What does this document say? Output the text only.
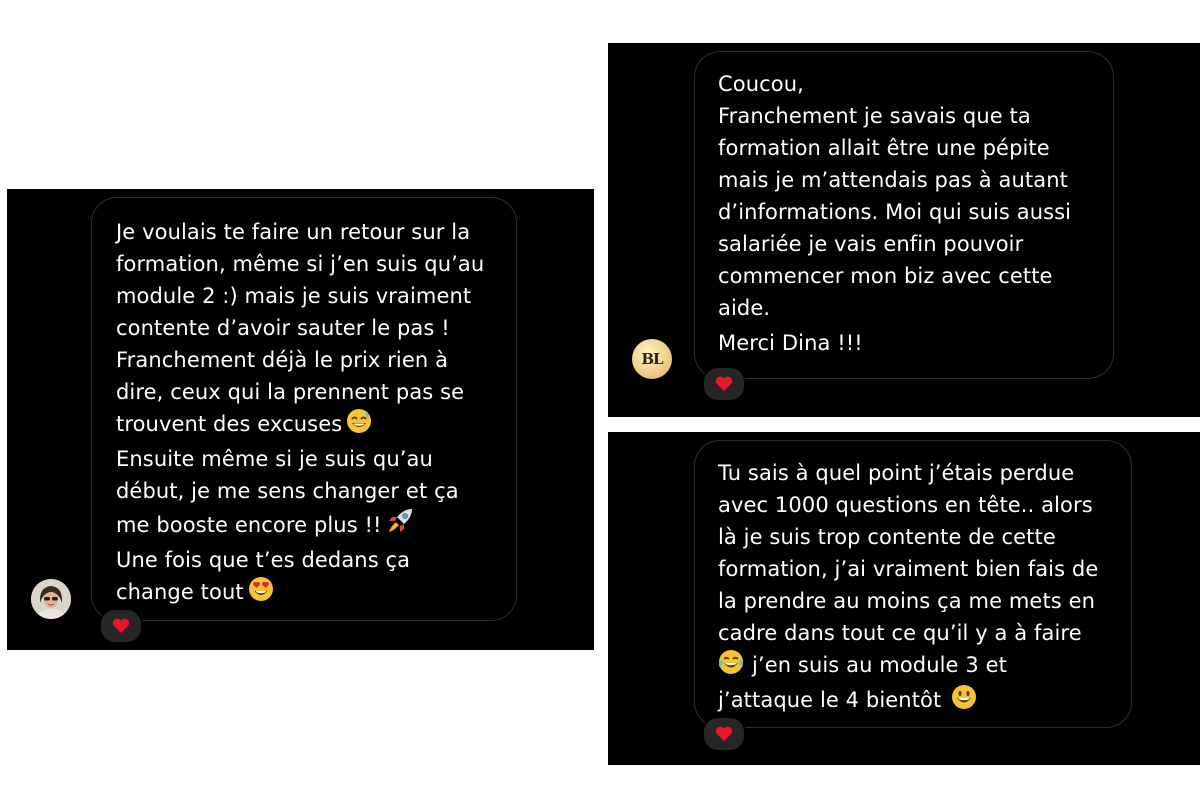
Je voulais te faire un retour sur la
formation, même si j’en suis qu’au
module 2 :) mais je suis vraiment
contente d’avoir sauter le pas !
Franchement déjà le prix rien à
dire, ceux qui la prennent pas se
trouvent des excuses
Ensuite même si je suis qu’au
début, je me sens changer et ça
me booste encore plus !!
Une fois que t’es dedans ça
change tout
Coucou,
Franchement je savais que ta
formation allait être une pépite
mais je m’attendais pas à autant
d’informations. Moi qui suis aussi
salariée je vais enfin pouvoir
commencer mon biz avec cette
aide.
Merci Dina !!!
BL
Tu sais à quel point j’étais perdue
avec 1000 questions en tête.. alors
là je suis trop contente de cette
formation, j’ai vraiment bien fais de
la prendre au moins ça me mets en
cadre dans tout ce qu’il y a à faire
j’en suis au module 3 et
j’attaque le 4 bientôt
